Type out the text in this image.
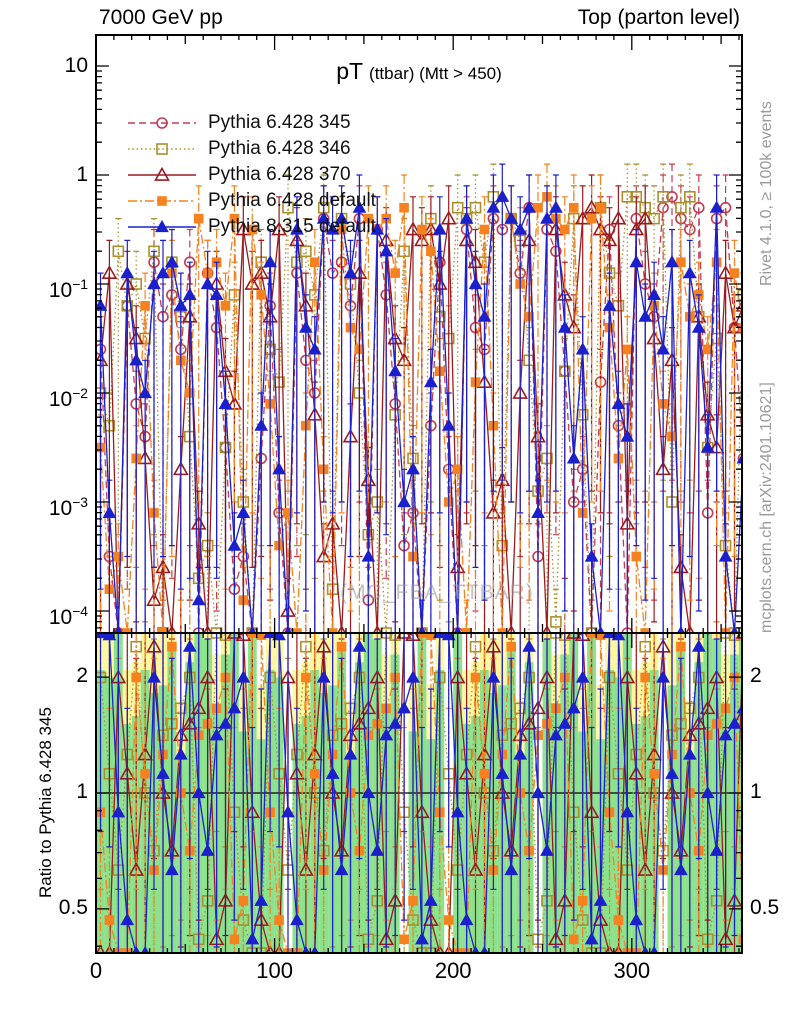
7000 GeV pp	Top (parton level)
pT (ttbar) (Mtt > 450)
Pythia 6.428 345
Pythia 6.428 346
Pythia 6.428 370
Pythia 6.428 default
Pythia 8.315 default
10
1
$10^{-1}$
$10^{-2}$
$10^{-3}$
$10^{-4}$
2	2
1	1
0.5	0.5
0	100	200	300
Ratio to Pythia 6.428 345
Rivet 4.1.0, ≥ 100k events
mcplots.cern.ch [arXiv:2401.10621]
(MC_FBA_TTBAR)
